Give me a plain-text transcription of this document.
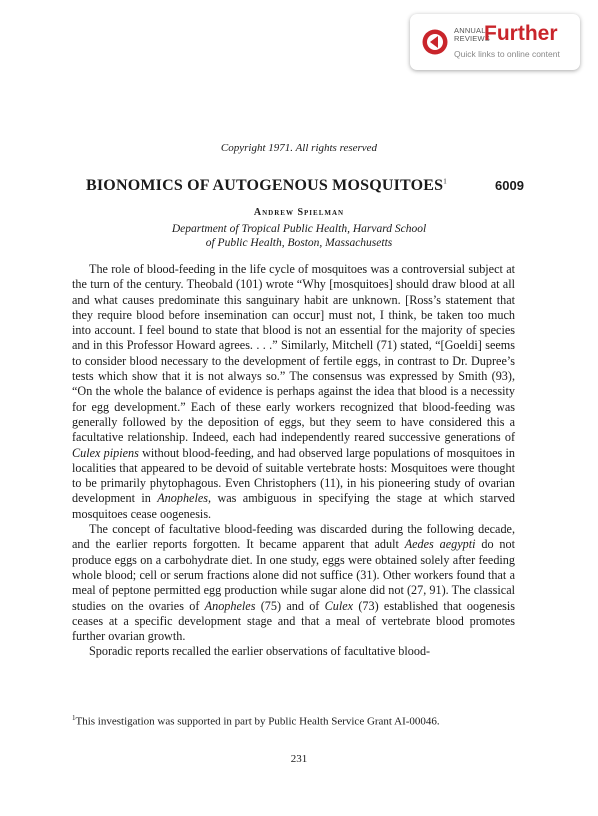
ANNUAL
REVIEWS
Further
Quick links to online content
Copyright 1971. All rights reserved
BIONOMICS OF AUTOGENOUS MOSQUITOES$^1$	6009
Andrew Spielman
Department of Tropical Public Health, Harvard School
of Public Health, Boston, Massachusetts

The role of blood-feeding in the life cycle of mosquitoes was a controversial subject at the turn of the century. Theobald (101) wrote “Why [mosquitoes] should draw blood at all and what causes predominate this sanguinary habit are unknown. [Ross’s statement that they require blood before insemination can occur] must not, I think, be taken too much into account. I feel bound to state that blood is not an essential for the majority of species and in this Professor Howard agrees. . . .” Similarly, Mitchell (71) stated, “[Goeldi] seems to consider blood necessary to the development of fertile eggs, in contrast to Dr. Dupree’s tests which show that it is not always so.” The consensus was expressed by Smith (93), “On the whole the balance of evidence is perhaps against the idea that blood is a necessity for egg development.” Each of these early workers recognized that blood-feeding was generally followed by the deposition of eggs, but they seem to have considered this a facultative relationship. Indeed, each had independently reared successive generations of Culex pipiens without blood-feeding, and had observed large populations of mosquitoes in localities that appeared to be devoid of suitable vertebrate hosts: Mosquitoes were thought to be primarily phytophagous. Even Christophers (11), in his pioneering study of ovarian development in Anopheles, was ambiguous in specifying the stage at which starved mosquitoes cease oogenesis.

The concept of facultative blood-feeding was discarded during the following decade, and the earlier reports forgotten. It became apparent that adult Aedes aegypti do not produce eggs on a carbohydrate diet. In one study, eggs were obtained solely after feeding whole blood; cell or serum fractions alone did not suffice (31). Other workers found that a meal of peptone permitted egg production while sugar alone did not (27, 91). The classical studies on the ovaries of Anopheles (75) and of Culex (73) established that oogenesis ceases at a specific development stage and that a meal of vertebrate blood promotes further ovarian growth.

Sporadic reports recalled the earlier observations of facultative blood-

$^1$This investigation was supported in part by Public Health Service Grant AI-00046.
231
